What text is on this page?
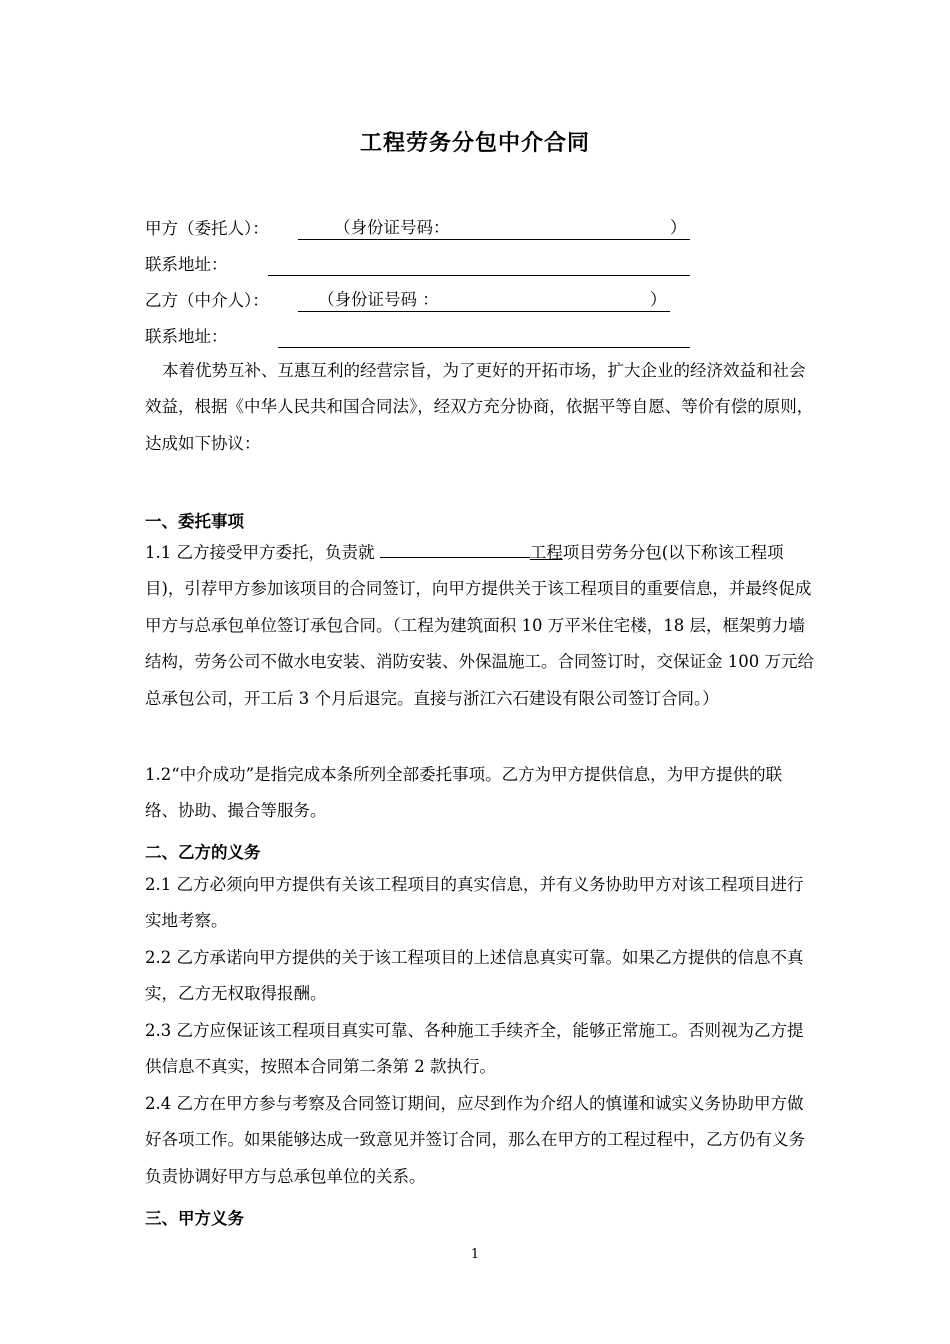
工程劳务分包中介合同
甲方（委托人）：	（身份证号码：	）
联系地址：
乙方（中介人）：	（身份证号码 ：	）
联系地址：
本着优势互补、互惠互利的经营宗旨，为了更好的开拓市场，扩大企业的经济效益和社会效益，根据《中华人民共和国合同法》，经双方充分协商，依据平等自愿、等价有偿的原则，达成如下协议：
一、委托事项
1.1 乙方接受甲方委托，负责就	工程项目劳务分包(以下称该工程项目)，引荐甲方参加该项目的合同签订，向甲方提供关于该工程项目的重要信息，并最终促成甲方与总承包单位签订承包合同。（工程为建筑面积 10 万平米住宅楼，18 层，框架剪力墙结构，劳务公司不做水电安装、消防安装、外保温施工。合同签订时，交保证金 100 万元给总承包公司，开工后 3 个月后退完。直接与浙江六石建设有限公司签订合同。）
1.2“中介成功”是指完成本条所列全部委托事项。乙方为甲方提供信息，为甲方提供的联络、协助、撮合等服务。
二、乙方的义务
2.1 乙方必须向甲方提供有关该工程项目的真实信息，并有义务协助甲方对该工程项目进行实地考察。
2.2 乙方承诺向甲方提供的关于该工程项目的上述信息真实可靠。如果乙方提供的信息不真实，乙方无权取得报酬。
2.3 乙方应保证该工程项目真实可靠、各种施工手续齐全，能够正常施工。否则视为乙方提供信息不真实，按照本合同第二条第 2 款执行。
2.4 乙方在甲方参与考察及合同签订期间，应尽到作为介绍人的慎谨和诚实义务协助甲方做好各项工作。如果能够达成一致意见并签订合同，那么在甲方的工程过程中，乙方仍有义务负责协调好甲方与总承包单位的关系。
三、甲方义务
1
